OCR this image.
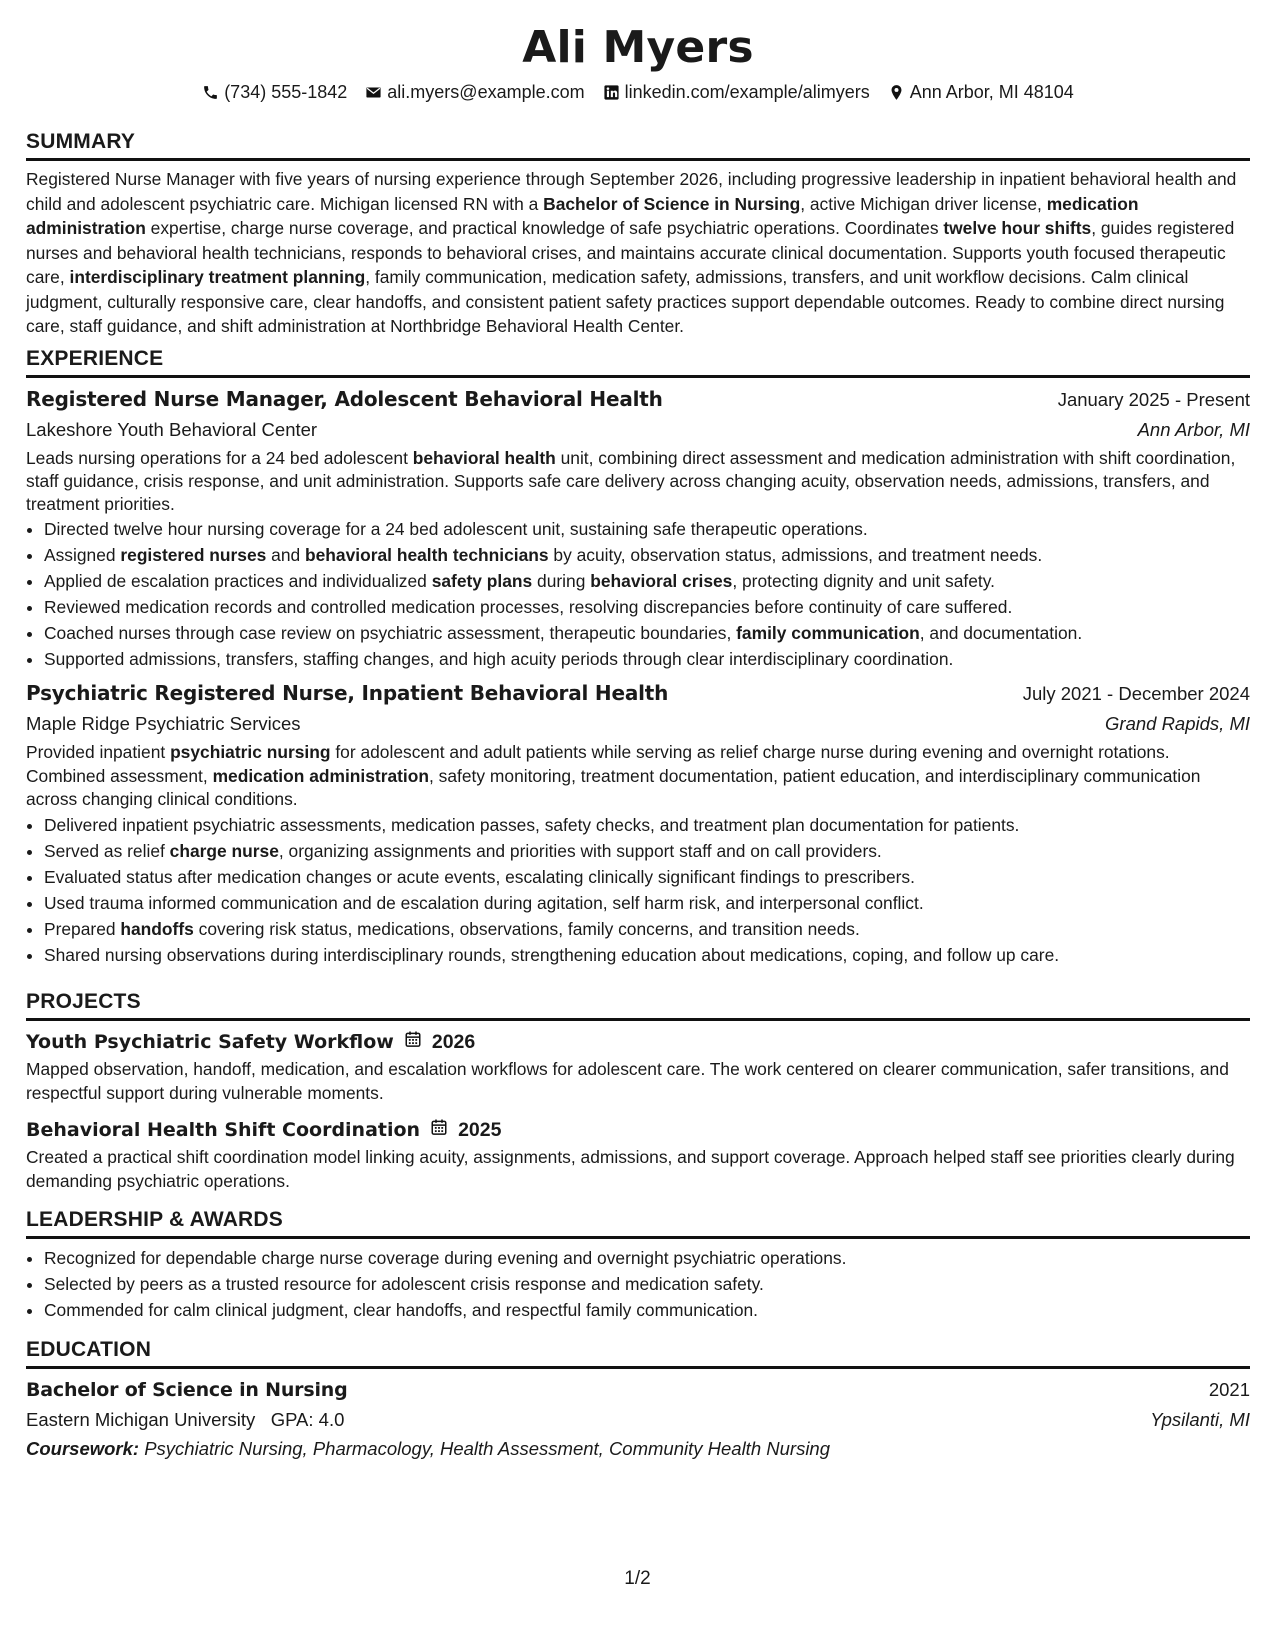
Ali Myers
(734) 555-1842 ali.myers@example.com linkedin.com/example/alimyers Ann Arbor, MI 48104
SUMMARY

Registered Nurse Manager with five years of nursing experience through September 2026, including progressive leadership in inpatient behavioral health and child and adolescent psychiatric care. Michigan licensed RN with a Bachelor of Science in Nursing, active Michigan driver license, medication administration expertise, charge nurse coverage, and practical knowledge of safe psychiatric operations. Coordinates twelve hour shifts, guides registered nurses and behavioral health technicians, responds to behavioral crises, and maintains accurate clinical documentation. Supports youth focused therapeutic care, interdisciplinary treatment planning, family communication, medication safety, admissions, transfers, and unit workflow decisions. Calm clinical judgment, culturally responsive care, clear handoffs, and consistent patient safety practices support dependable outcomes. Ready to combine direct nursing care, staff guidance, and shift administration at Northbridge Behavioral Health Center.

EXPERIENCE
Registered Nurse Manager, Adolescent Behavioral Health	January 2025 - Present
Lakeshore Youth Behavioral Center	Ann Arbor, MI

Leads nursing operations for a 24 bed adolescent behavioral health unit, combining direct assessment and medication administration with shift coordination, staff guidance, crisis response, and unit administration. Supports safe care delivery across changing acuity, observation needs, admissions, transfers, and treatment priorities.

• Directed twelve hour nursing coverage for a 24 bed adolescent unit, sustaining safe therapeutic operations.
• Assigned registered nurses and behavioral health technicians by acuity, observation status, admissions, and treatment needs.
• Applied de escalation practices and individualized safety plans during behavioral crises, protecting dignity and unit safety.
• Reviewed medication records and controlled medication processes, resolving discrepancies before continuity of care suffered.
• Coached nurses through case review on psychiatric assessment, therapeutic boundaries, family communication, and documentation.
• Supported admissions, transfers, staffing changes, and high acuity periods through clear interdisciplinary coordination.
Psychiatric Registered Nurse, Inpatient Behavioral Health	July 2021 - December 2024
Maple Ridge Psychiatric Services	Grand Rapids, MI

Provided inpatient psychiatric nursing for adolescent and adult patients while serving as relief charge nurse during evening and overnight rotations. Combined assessment, medication administration, safety monitoring, treatment documentation, patient education, and interdisciplinary communication across changing clinical conditions.

• Delivered inpatient psychiatric assessments, medication passes, safety checks, and treatment plan documentation for patients.
• Served as relief charge nurse, organizing assignments and priorities with support staff and on call providers.
• Evaluated status after medication changes or acute events, escalating clinically significant findings to prescribers.
• Used trauma informed communication and de escalation during agitation, self harm risk, and interpersonal conflict.
• Prepared handoffs covering risk status, medications, observations, family concerns, and transition needs.
• Shared nursing observations during interdisciplinary rounds, strengthening education about medications, coping, and follow up care.
PROJECTS
Youth Psychiatric Safety Workflow 2026

Mapped observation, handoff, medication, and escalation workflows for adolescent care. The work centered on clearer communication, safer transitions, and respectful support during vulnerable moments.

Behavioral Health Shift Coordination 2025

Created a practical shift coordination model linking acuity, assignments, admissions, and support coverage. Approach helped staff see priorities clearly during demanding psychiatric operations.

LEADERSHIP & AWARDS
• Recognized for dependable charge nurse coverage during evening and overnight psychiatric operations.
• Selected by peers as a trusted resource for adolescent crisis response and medication safety.
• Commended for calm clinical judgment, clear handoffs, and respectful family communication.
EDUCATION
Bachelor of Science in Nursing	2021
Eastern Michigan University GPA: 4.0	Ypsilanti, MI
Coursework: Psychiatric Nursing, Pharmacology, Health Assessment, Community Health Nursing
1/2
